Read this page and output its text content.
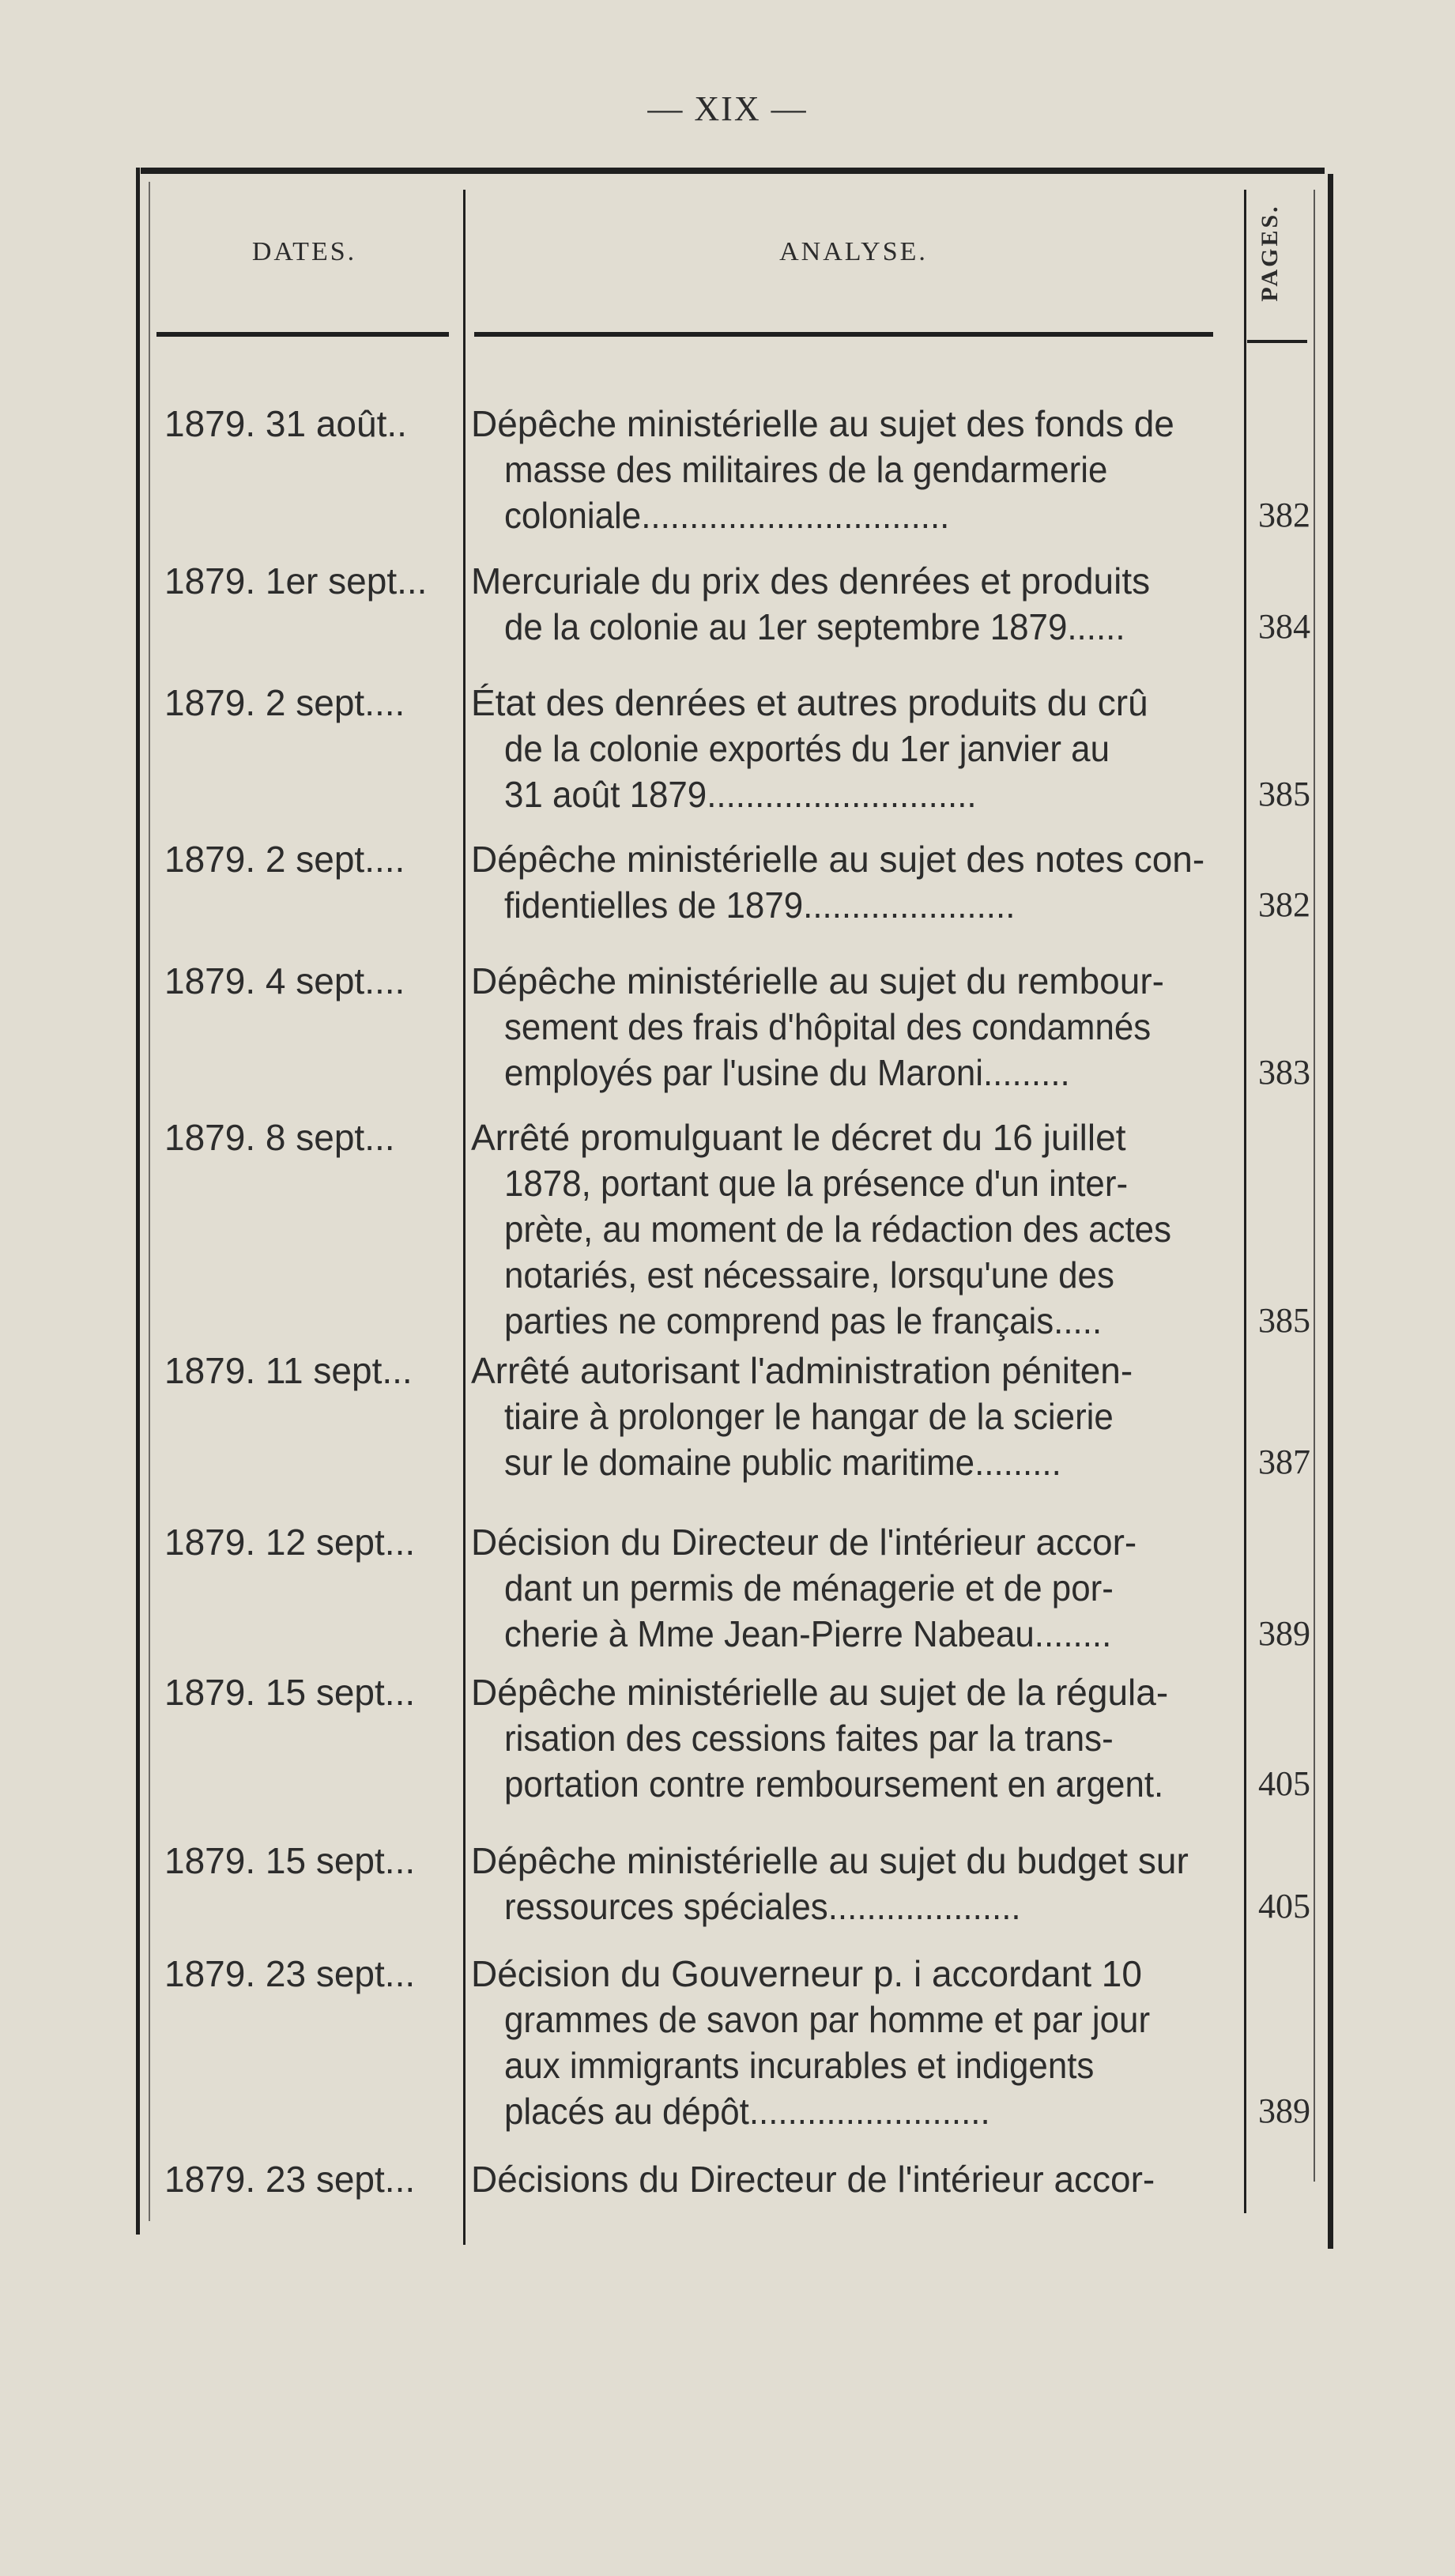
— XIX —
DATES.	ANALYSE.	PAGES.
1879. 31 août..	Dépêche ministérielle au sujet des fonds de
masse des militaires de la gendarmerie
coloniale................................	382
1879. 1er sept...	Mercuriale du prix des denrées et produits
de la colonie au 1er septembre 1879......	384
1879. 2 sept....	État des denrées et autres produits du crû
de la colonie exportés du 1er janvier au
31 août 1879............................	385
1879. 2 sept....	Dépêche ministérielle au sujet des notes con-
fidentielles de 1879......................	382
1879. 4 sept....	Dépêche ministérielle au sujet du rembour-
sement des frais d'hôpital des condamnés
employés par l'usine du Maroni.........	383
1879. 8 sept...	Arrêté promulguant le décret du 16 juillet
1878, portant que la présence d'un inter-
prète, au moment de la rédaction des actes
notariés, est nécessaire, lorsqu'une des
parties ne comprend pas le français.....	385
1879. 11 sept...	Arrêté autorisant l'administration péniten-
tiaire à prolonger le hangar de la scierie
sur le domaine public maritime.........	387
1879. 12 sept...	Décision du Directeur de l'intérieur accor-
dant un permis de ménagerie et de por-
cherie à Mme Jean-Pierre Nabeau........	389
1879. 15 sept...	Dépêche ministérielle au sujet de la régula-
risation des cessions faites par la trans-
portation contre remboursement en argent.	405
1879. 15 sept...	Dépêche ministérielle au sujet du budget sur
ressources spéciales....................	405
1879. 23 sept...	Décision du Gouverneur p. i accordant 10
grammes de savon par homme et par jour
aux immigrants incurables et indigents
placés au dépôt.........................	389
1879. 23 sept...	Décisions du Directeur de l'intérieur accor-
